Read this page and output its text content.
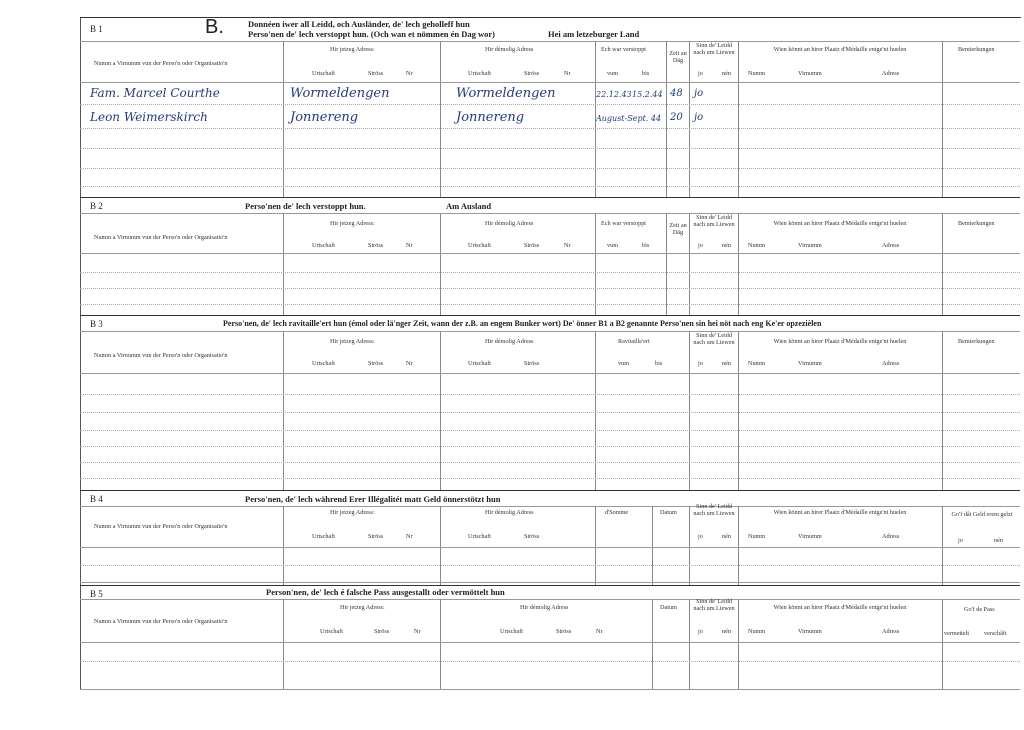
B 1	B.	Donnéen iwer all Leidd, och Ausländer, de' lech geholleff hun
Perso'nen de' lech verstoppt hun. (Och wan et nömmen én Dag wor)	Hei am letzeburger Land
Numm a Virnumm vun der Perso'n oder Organisatio'n
Hir jetzeg Adress:
Urtschaft	Ströss	Nr
Hir démolig Adress
Urtschaft	Ströss	Nr
Ech war verstoppt
vum	bis
Zeit an Däg
Sinn de' Leidd nach um Liewen
jo	nén
Wien könnt an hirer Plaatz d'Médaille entge'nt huelen
Numm	Virnumm	Adress
Bemierkungen
Fam. Marcel Courthe	Wormeldengen	Wormeldengen	22.12.43 15.2.44 48 jo
Leon Weimerskirch	Jonnereng	Jonnereng	August-Sept. 44 20 jo
B 2	Perso'nen de' lech verstoppt hun.	Am Ausland
Numm a Virnumm vun der Perso'n oder Organisatio'n
Hir jetzeg Adress:
Urtschaft	Ströss	Nr
Hir démolig Adress
Urtschaft	Ströss	Nr
Ech war verstoppt
vum	bis
Zeit an Däg
Sinn de' Leidd nach um Liewen
jo	nén
Wien könnt an hirer Plaatz d'Médaille entge'nt huelen
Numm	Virnumm	Adress
Bemierkungen
B 3	Perso'nen, de' lech ravitaille'ert hun (émol oder lä'nger Zeit, wann der z.B. an engem Bunker wort) De' önner B1 a B2 genannte Perso'nen sin hei nöt nach eng Ke'er opzezièlen
Numm a Virnumm vun der Perso'n oder Organisatio'n
Hir jetzeg Adress:
Urtschaft	Ströss	Nr
Hir démolig Adress
Urtschaft	Ströss
Ravitaille'ert
vum	bis
Sinn de' Leidd nach um Liewen
jo	nén
Wien könnt an hirer Plaatz d'Médaille entge'nt huelen
Numm	Virnumm	Adress
Bemierkungen
B 4	Perso'nen, de' lech während Erer Illégalitét matt Geld önnerstötzt hun
Numm a Virnumm vun der Perso'n oder Organisatio'n
Hir jetzeg Adress:
Urtschaft	Ströss	Nr
Hir démolig Adress
Urtschaft	Ströss
d'Somme	Datum
Sinn de' Leidd nach um Liewen
jo	nén
Wien könnt an hirer Plaatz d'Médaille entge'nt huelen
Numm	Virnumm	Adress
Go'f dât Geld erem gelzt
jo	nén
B 5	Person'nen, de' lech é falsche Pass ausgestallt oder vermöttelt hun
Numm a Virnumm vun der Perso'n oder Organisatio'n
Hir jetzeg Adress:
Urtschaft	Ströss	Nr
Hir démolig Adress
Urtschaft	Ströss	Nr
Datum
Sinn de' Leidd nach um Liewen
jo	nén
Wien könnt an hirer Plaatz d'Médaille entge'nt huelen
Numm	Virnumm	Adress
Go'f de Pass
vermettelt verschâft
